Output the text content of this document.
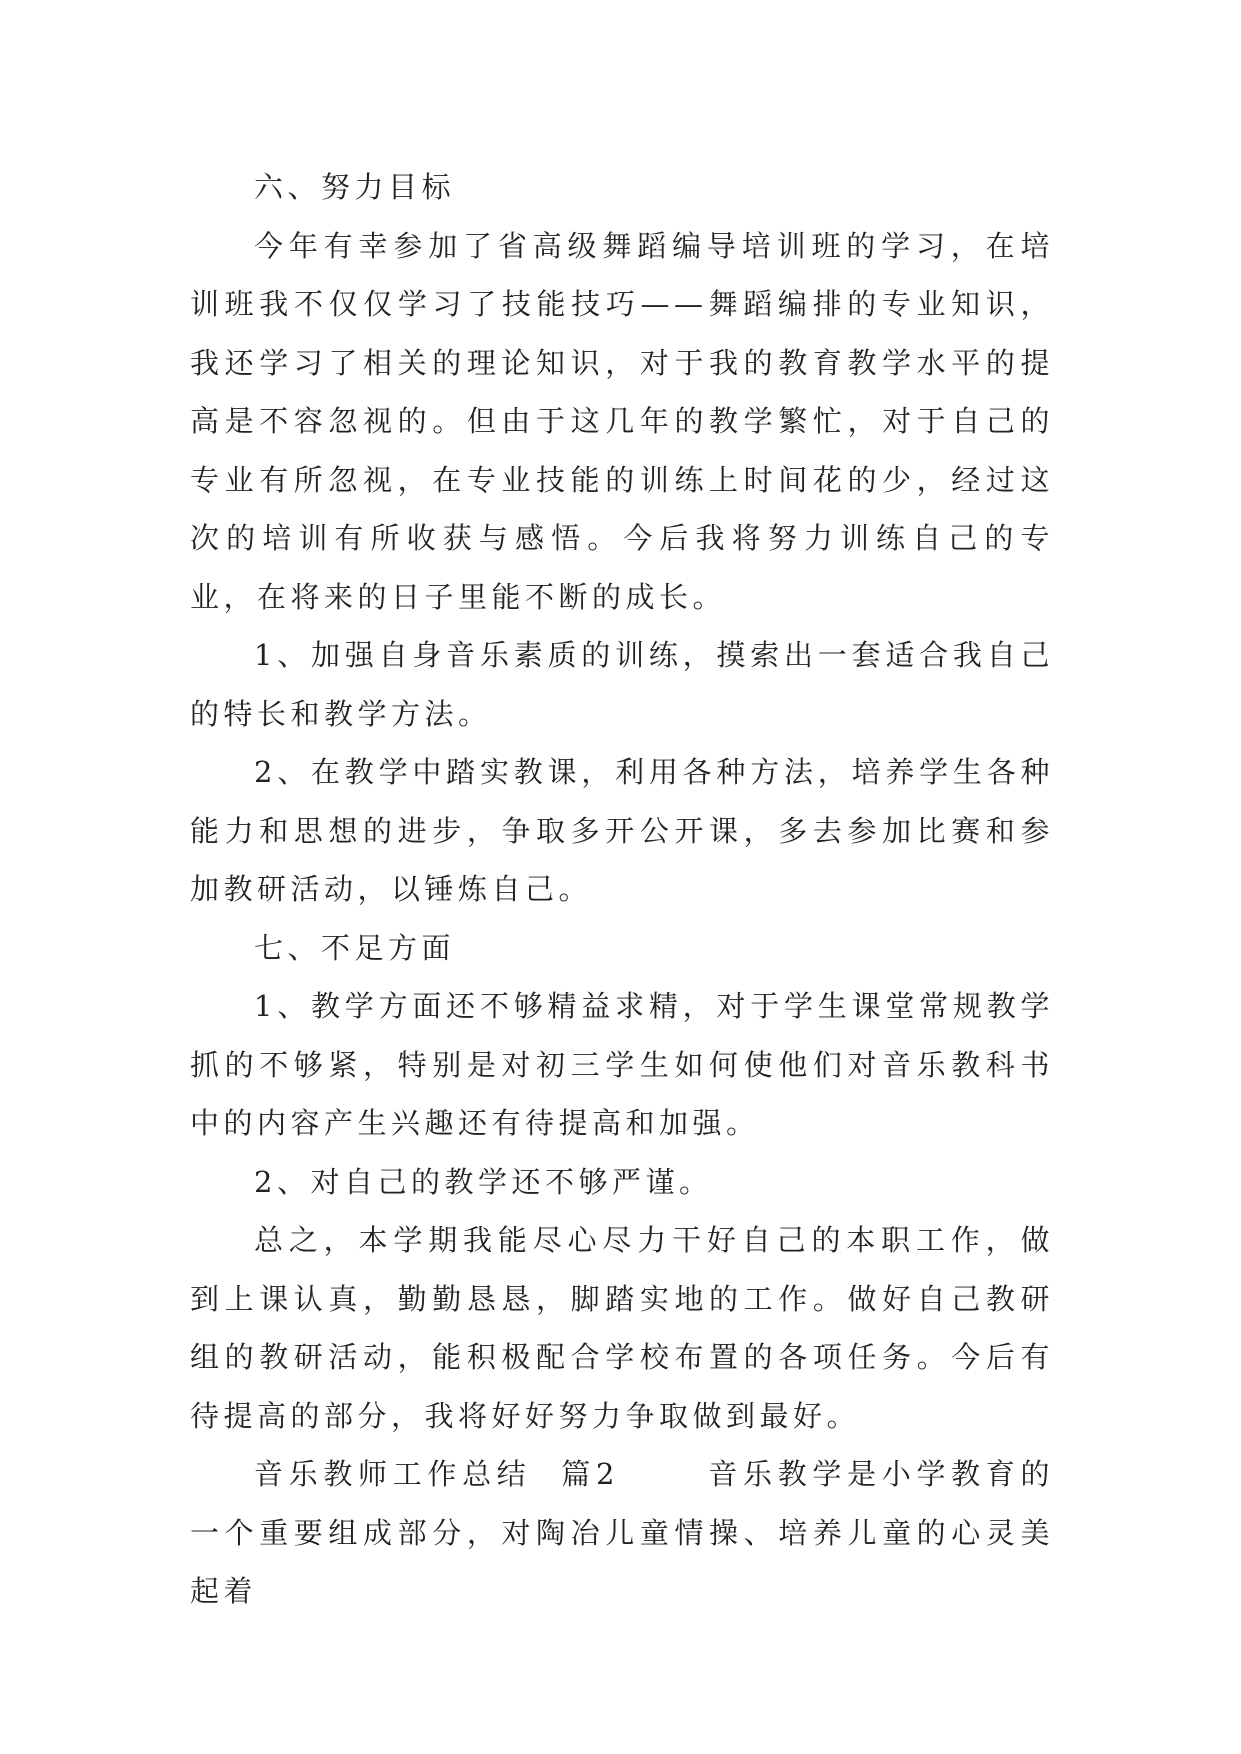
六、努力目标

今年有幸参加了省高级舞蹈编导培训班的学习，在培训班我不仅仅学习了技能技巧——舞蹈编排的专业知识，我还学习了相关的理论知识，对于我的教育教学水平的提高是不容忽视的。但由于这几年的教学繁忙，对于自己的专业有所忽视，在专业技能的训练上时间花的少，经过这次的培训有所收获与感悟。今后我将努力训练自己的专业，在将来的日子里能不断的成长。

1、加强自身音乐素质的训练，摸索出一套适合我自己的特长和教学方法。

2、在教学中踏实教课，利用各种方法，培养学生各种能力和思想的进步，争取多开公开课，多去参加比赛和参加教研活动，以锤炼自己。

七、不足方面

1、教学方面还不够精益求精，对于学生课堂常规教学抓的不够紧，特别是对初三学生如何使他们对音乐教科书中的内容产生兴趣还有待提高和加强。

2、对自己的教学还不够严谨。

总之，本学期我能尽心尽力干好自己的本职工作，做到上课认真，勤勤恳恳，脚踏实地的工作。做好自己教研组的教研活动，能积极配合学校布置的各项任务。今后有待提高的部分，我将好好努力争取做到最好。

音乐教师工作总结  篇2      音乐教学是小学教育的一个重要组成部分，对陶冶儿童情操、培养儿童的心灵美起着
